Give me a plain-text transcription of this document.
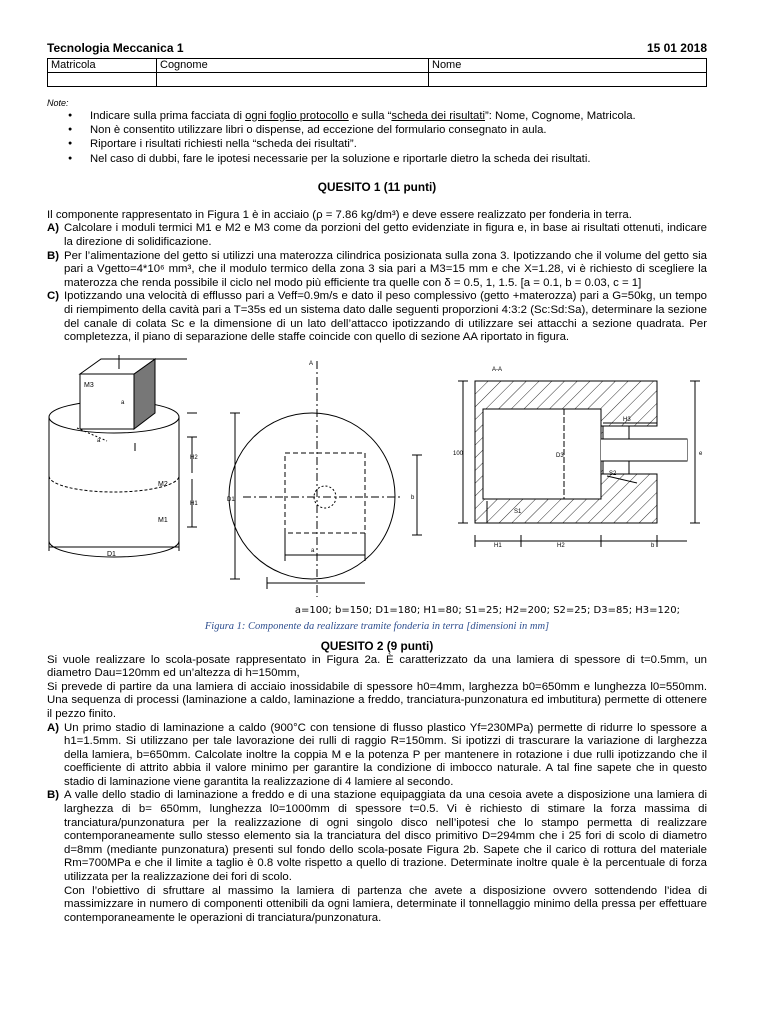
Tecnologia Meccanica 1	15 01 2018
Matricola	Cognome	Nome

Note:
● Indicare sulla prima facciata di ogni foglio protocollo e sulla “scheda dei risultati”: Nome, Cognome, Matricola.
● Non è consentito utilizzare libri o dispense, ad eccezione del formulario consegnato in aula.
● Riportare i risultati richiesti nella “scheda dei risultati”.
● Nel caso di dubbi, fare le ipotesi necessarie per la soluzione e riportarle dietro la scheda dei risultati.
QUESITO 1 (11 punti)

Il componente rappresentato in Figura 1 è in acciaio (ρ = 7.86 kg/dm³) e deve essere realizzato per fonderia in terra.

A) Calcolare i moduli termici M1 e M2 e M3 come da porzioni del getto evidenziate in figura e, in base ai risultati ottenuti, indicare la direzione di solidificazione.
B) Per l’alimentazione del getto si utilizzi una materozza cilindrica posizionata sulla zona 3. Ipotizzando che il volume del getto sia pari a Vgetto=4*10⁶ mm³, che il modulo termico della zona 3 sia pari a M3=15 mm e che X=1.28, vi è richiesto di scegliere la materozza che renda possibile il ciclo nel modo più efficiente tra quelle con δ = 0.5, 1, 1.5. [a = 0.1, b = 0.03, c = 1]
C) Ipotizzando una velocità di efflusso pari a Veff=0.9m/s e dato il peso complessivo (getto +materozza) pari a G=50kg, un tempo di riempimento della cavità pari a T=35s ed un sistema dato dalle seguenti proporzioni 4:3:2 (Sc:Sd:Sa), determinare la sezione del canale di colata Sc e la dimensione di un lato dell’attacco ipotizzando di utilizzare sei attacchi a sezione quadrata. Per completezza, il piano di separazione delle staffe coincide con quello di sezione AA riportato in figura.
M3
M2
M1
D1
H2
H1
A
A-A
D1
a
a
a
b
100	D3
H3
S2
S1
H1	H2	b
e
a=100; b=150; D1=180; H1=80; S1=25; H2=200; S2=25; D3=85; H3=120;
Figura 1: Componente da realizzare tramite fonderia in terra [dimensioni in mm]
QUESITO 2 (9 punti)

Si vuole realizzare lo scola-posate rappresentato in Figura 2a. È caratterizzato da una lamiera di spessore di t=0.5mm, un diametro Dau=120mm ed un’altezza di h=150mm,

Si prevede di partire da una lamiera di acciaio inossidabile di spessore h0=4mm, larghezza b0=650mm e lunghezza l0=550mm. Una sequenza di processi (laminazione a caldo, laminazione a freddo, tranciatura-punzonatura ed imbutitura) permette di ottenere il pezzo finito.

A) Un primo stadio di laminazione a caldo (900°C con tensione di flusso plastico Yf=230MPa) permette di ridurre lo spessore a h1=1.5mm. Si utilizzano per tale lavorazione dei rulli di raggio R=150mm. Si ipotizzi di trascurare la variazione di larghezza della lamiera, b=650mm. Calcolate inoltre la coppia M e la potenza P per mantenere in rotazione i due rulli ipotizzando che il coefficiente di attrito abbia il valore minimo per garantire la condizione di imbocco naturale. A tal fine sapete che in questo stadio di laminazione viene garantita la realizzazione di 4 lamiere al secondo.
B) A valle dello stadio di laminazione a freddo e di una stazione equipaggiata da una cesoia avete a disposizione una lamiera di larghezza di b= 650mm, lunghezza l0=1000mm di spessore t=0.5. Vi è richiesto di stimare la forza massima di tranciatura/punzonatura per la realizzazione di ogni singolo disco nell’ipotesi che lo stampo permetta di realizzare contemporaneamente sullo stesso elemento sia la tranciatura del disco primitivo D=294mm che i 25 fori di scolo di diametro d=8mm (mediante punzonatura) presenti sul fondo dello scola-posate Figura 2b. Sapete che il carico di rottura del materiale Rm=700MPa e che il limite a taglio è 0.8 volte rispetto a quello di trazione. Determinate inoltre quale è la percentuale di forza utilizzata per la realizzazione dei fori di scolo.
Con l’obiettivo di sfruttare al massimo la lamiera di partenza che avete a disposizione ovvero sottendendo l’idea di massimizzare in numero di componenti ottenibili da ogni lamiera, determinate il tonnellaggio minimo della pressa per effettuare contemporaneamente le operazioni di tranciatura/punzonatura.
